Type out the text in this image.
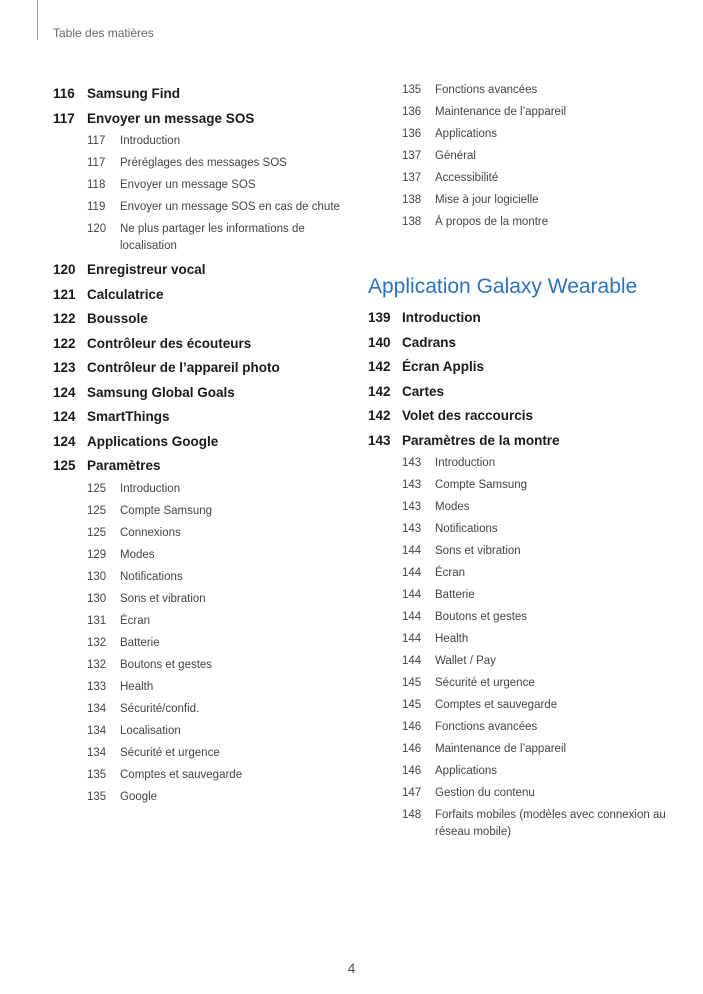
Table des matières
116 Samsung Find
117 Envoyer un message SOS
117	Introduction
117	Préréglages des messages SOS
118	Envoyer un message SOS
119	Envoyer un message SOS en cas de chute
120	Ne plus partager les informations de localisation
120 Enregistreur vocal
121 Calculatrice
122 Boussole
122 Contrôleur des écouteurs
123 Contrôleur de l’appareil photo
124 Samsung Global Goals
124 SmartThings
124 Applications Google
125 Paramètres
125	Introduction
125	Compte Samsung
125	Connexions
129	Modes
130	Notifications
130	Sons et vibration
131	Écran
132	Batterie
132	Boutons et gestes
133	Health
134	Sécurité/confid.
134	Localisation
134	Sécurité et urgence
135	Comptes et sauvegarde
135	Google
135	Fonctions avancées
136	Maintenance de l’appareil
136	Applications
137	Général
137	Accessibilité
138	Mise à jour logicielle
138	À propos de la montre
Application Galaxy Wearable
139 Introduction
140 Cadrans
142 Écran Applis
142 Cartes
142 Volet des raccourcis
143 Paramètres de la montre
143	Introduction
143	Compte Samsung
143	Modes
143	Notifications
144	Sons et vibration
144	Écran
144	Batterie
144	Boutons et gestes
144	Health
144	Wallet / Pay
145	Sécurité et urgence
145	Comptes et sauvegarde
146	Fonctions avancées
146	Maintenance de l’appareil
146	Applications
147	Gestion du contenu
148	Forfaits mobiles (modèles avec connexion au réseau mobile)
4
